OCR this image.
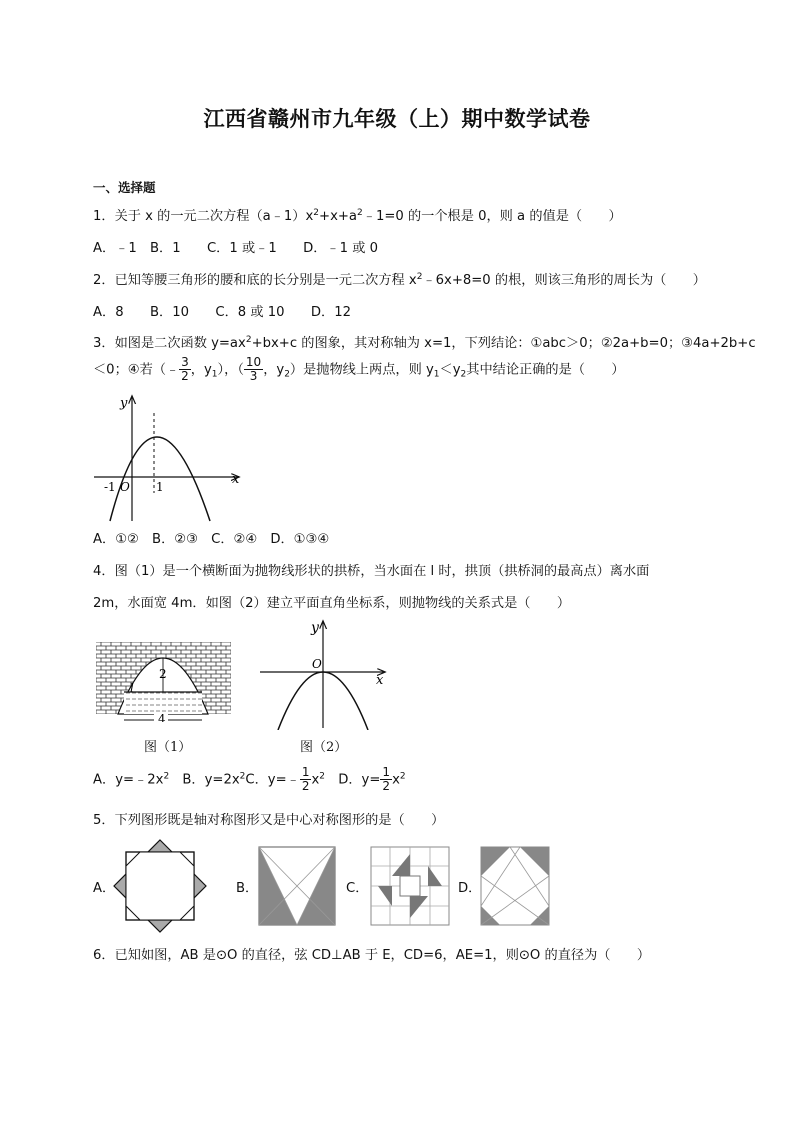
江西省赣州市九年级（上）期中数学试卷
一、选择题
1．关于 x 的一元二次方程$(a﹣1)x^2+x+a^2﹣1=0$ 的一个根是 0，则 a 的值是（　　）
A．﹣1　B．1　　C．1 或﹣1　　D．﹣1 或 0
2．已知等腰三角形的腰和底的长分别是一元二次方程 $x^2﹣6x+8=0$ 的根，则该三角形的周长为（　　）
A．8　　B．10　　C．8 或 10　　D．12
3．如图是二次函数 $y=ax^2+bx+c$ 的图象，其对称轴为 x=1，下列结论：①abc＞0；②2a+b=0；③4a+2b+c
＜0；④若（﹣ $\frac{3}{2}$ ，$y_1$），（ $\frac{10}{3}$ ，$y_2$）是抛物线上两点，则 $y_1<y_2$其中结论正确的是（　　）
y
x
-1 O 1
A．①②　B．②③　C．②④　D．①③④
4．图（1）是一个横断面为抛物线形状的拱桥，当水面在 l 时，拱顶（拱桥洞的最高点）离水面
2m，水面宽 4m．如图（2）建立平面直角坐标系，则抛物线的关系式是（　　）
2
l
4
图（1）
y
x
O
图（2）
A．$y=﹣2x^2$　B．$y=2x^2C$．y=﹣ $\frac{1}{2} x^2$　D．$y= \frac{1}{2} x^2$
5．下列图形既是轴对称图形又是中心对称图形的是（　　）
A．	B．	C．	D．
6．已知如图，AB 是⊙O 的直径，弦 CD⊥AB 于 E，CD=6，AE=1，则⊙O 的直径为（　　）
